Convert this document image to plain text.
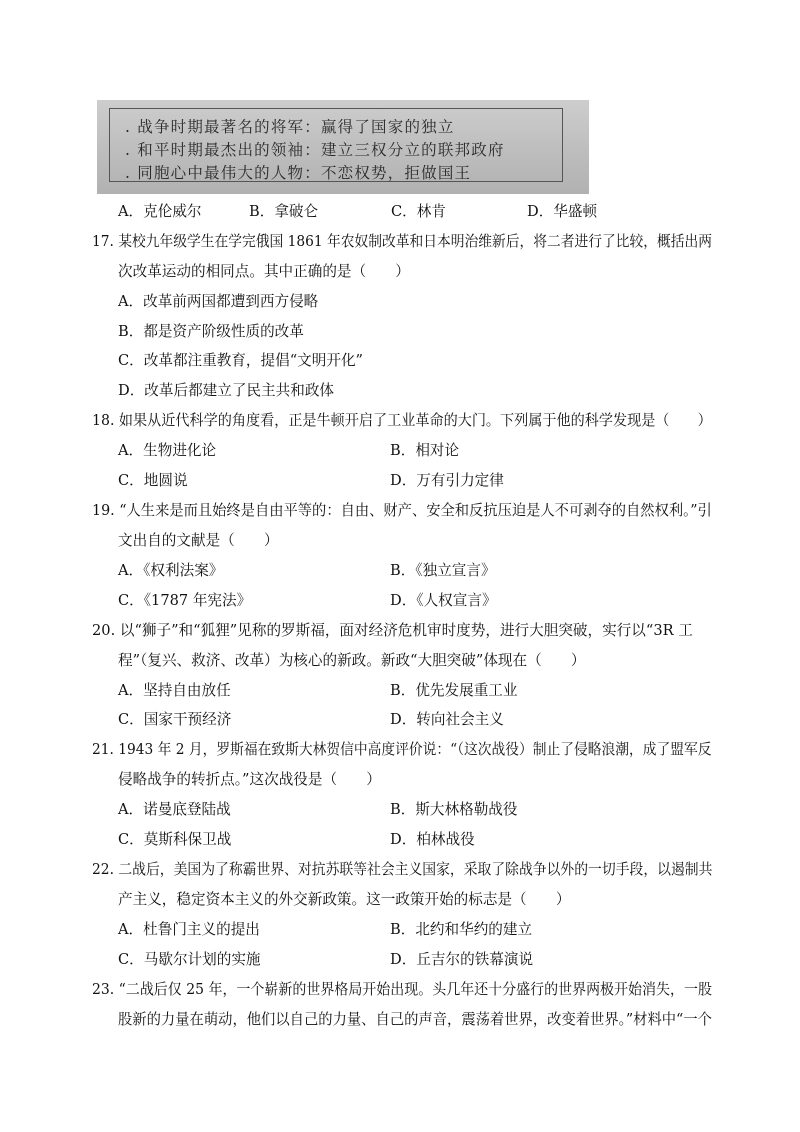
. 战争时期最著名的将军：赢得了国家的独立
. 和平时期最杰出的领袖：建立三权分立的联邦政府
. 同胞心中最伟大的人物：不恋权势，拒做国王
A．克伦威尔	B．拿破仑	C．林肯	D．华盛顿
17. 某校九年级学生在学完俄国 1861 年农奴制改革和日本明治维新后，将二者进行了比较，概括出两
次改革运动的相同点。其中正确的是（　　）
A．改革前两国都遭到西方侵略
B．都是资产阶级性质的改革
C．改革都注重教育，提倡“文明开化”
D．改革后都建立了民主共和政体
18. 如果从近代科学的角度看，正是牛顿开启了工业革命的大门。下列属于他的科学发现是（　　）
A．生物进化论	B．相对论
C．地圆说	D．万有引力定律
19. “人生来是而且始终是自由平等的：自由、财产、安全和反抗压迫是人不可剥夺的自然权利。”引
文出自的文献是（　　）
A．《权利法案》	B．《独立宣言》
C．《1787 年宪法》	D．《人权宣言》
20. 以“狮子”和“狐狸”见称的罗斯福，面对经济危机审时度势，进行大胆突破，实行以“3R 工
程”（复兴、救济、改革）为核心的新政。新政“大胆突破”体现在（　　）
A．坚持自由放任	B．优先发展重工业
C．国家干预经济	D．转向社会主义
21. 1943 年 2 月，罗斯福在致斯大林贺信中高度评价说：“（这次战役）制止了侵略浪潮，成了盟军反
侵略战争的转折点。”这次战役是（　　）
A．诺曼底登陆战	B．斯大林格勒战役
C．莫斯科保卫战	D．柏林战役
22. 二战后，美国为了称霸世界、对抗苏联等社会主义国家，采取了除战争以外的一切手段，以遏制共
产主义，稳定资本主义的外交新政策。这一政策开始的标志是（　　）
A．杜鲁门主义的提出	B．北约和华约的建立
C．马歇尔计划的实施	D．丘吉尔的铁幕演说
23. “二战后仅 25 年，一个崭新的世界格局开始出现。头几年还十分盛行的世界两极开始消失，一股
股新的力量在萌动，他们以自己的力量、自己的声音，震荡着世界，改变着世界。”材料中“一个
